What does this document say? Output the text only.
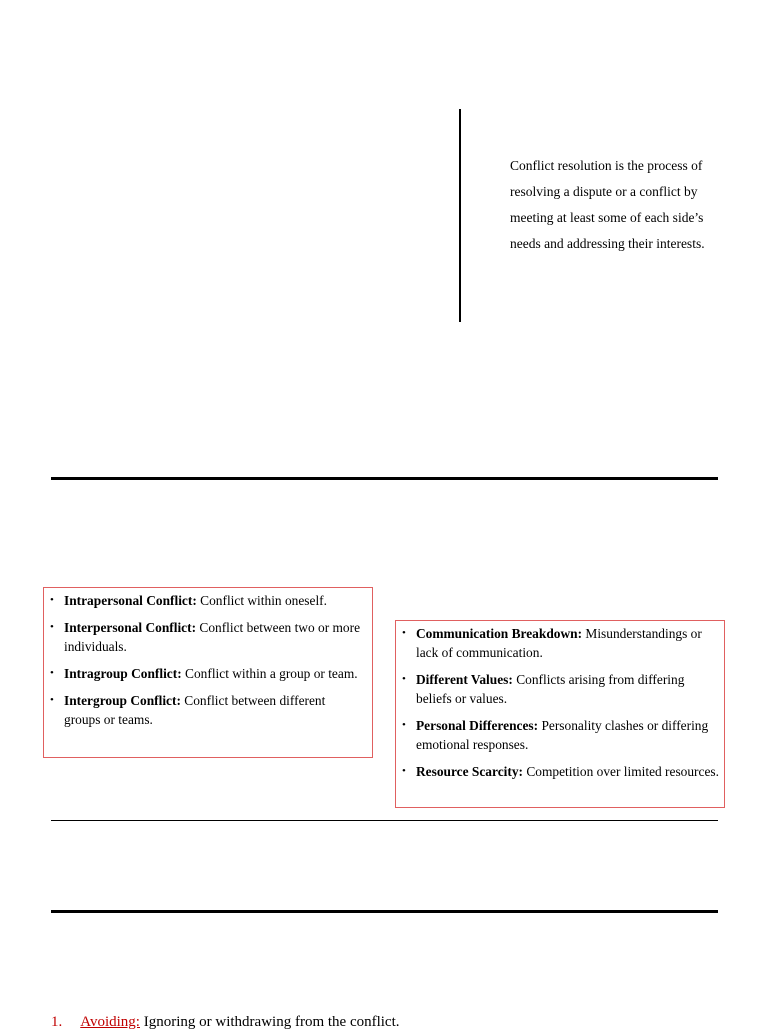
Conflict resolution is the process of resolving a dispute or a conflict by meeting at least some of each side’s needs and addressing their interests.
• Intrapersonal Conflict: Conflict within oneself.
• Interpersonal Conflict: Conflict between two or more individuals.
• Intragroup Conflict: Conflict within a group or team.
• Intergroup Conflict: Conflict between different groups or teams.
• Communication Breakdown: Misunderstandings or lack of communication.
• Different Values: Conflicts arising from differing beliefs or values.
• Personal Differences: Personality clashes or differing emotional responses.
• Resource Scarcity: Competition over limited resources.
1. Avoiding: Ignoring or withdrawing from the conflict.
